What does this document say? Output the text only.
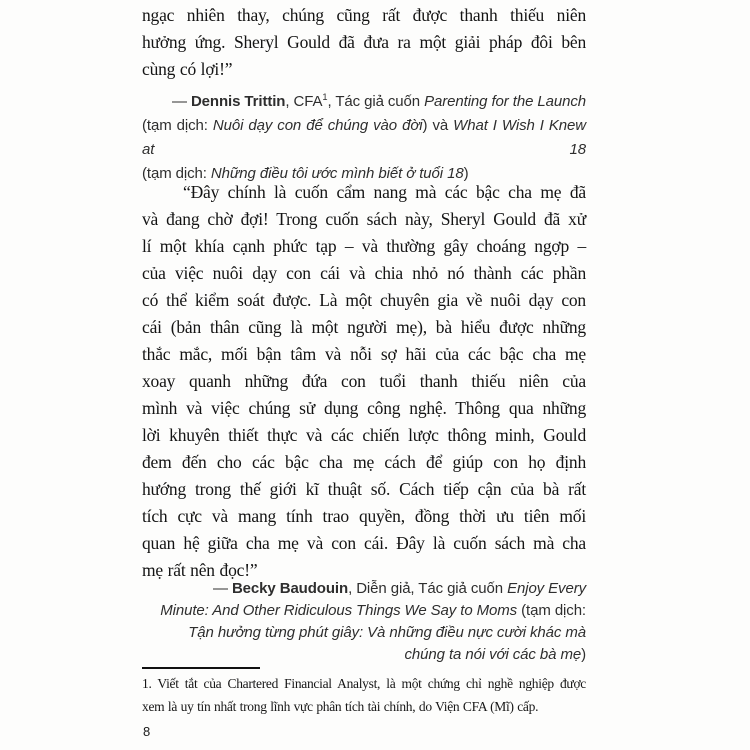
ngạc nhiên thay, chúng cũng rất được thanh thiếu niên
hưởng ứng. Sheryl Gould đã đưa ra một giải pháp đôi bên
cùng có lợi!”
— Dennis Trittin, CFA$^1$, Tác giả cuốn Parenting for the Launch
(tạm dịch: Nuôi dạy con để chúng vào đời) và What I Wish I Knew at 18
(tạm dịch: Những điều tôi ước mình biết ở tuổi 18)
“Đây chính là cuốn cẩm nang mà các bậc cha mẹ đã
và đang chờ đợi! Trong cuốn sách này, Sheryl Gould đã xử
lí một khía cạnh phức tạp – và thường gây choáng ngợp –
của việc nuôi dạy con cái và chia nhỏ nó thành các phần
có thể kiểm soát được. Là một chuyên gia về nuôi dạy con
cái (bản thân cũng là một người mẹ), bà hiểu được những
thắc mắc, mối bận tâm và nỗi sợ hãi của các bậc cha mẹ
xoay quanh những đứa con tuổi thanh thiếu niên của
mình và việc chúng sử dụng công nghệ. Thông qua những
lời khuyên thiết thực và các chiến lược thông minh, Gould
đem đến cho các bậc cha mẹ cách để giúp con họ định
hướng trong thế giới kĩ thuật số. Cách tiếp cận của bà rất
tích cực và mang tính trao quyền, đồng thời ưu tiên mối
quan hệ giữa cha mẹ và con cái. Đây là cuốn sách mà cha
mẹ rất nên đọc!”
— Becky Baudouin, Diễn giả, Tác giả cuốn Enjoy Every
Minute: And Other Ridiculous Things We Say to Moms (tạm dịch:
Tận hưởng từng phút giây: Và những điều nực cười khác mà
chúng ta nói với các bà mẹ)
1. Viết tắt của Chartered Financial Analyst, là một chứng chỉ nghề nghiệp được
xem là uy tín nhất trong lĩnh vực phân tích tài chính, do Viện CFA (Mĩ) cấp.
8
